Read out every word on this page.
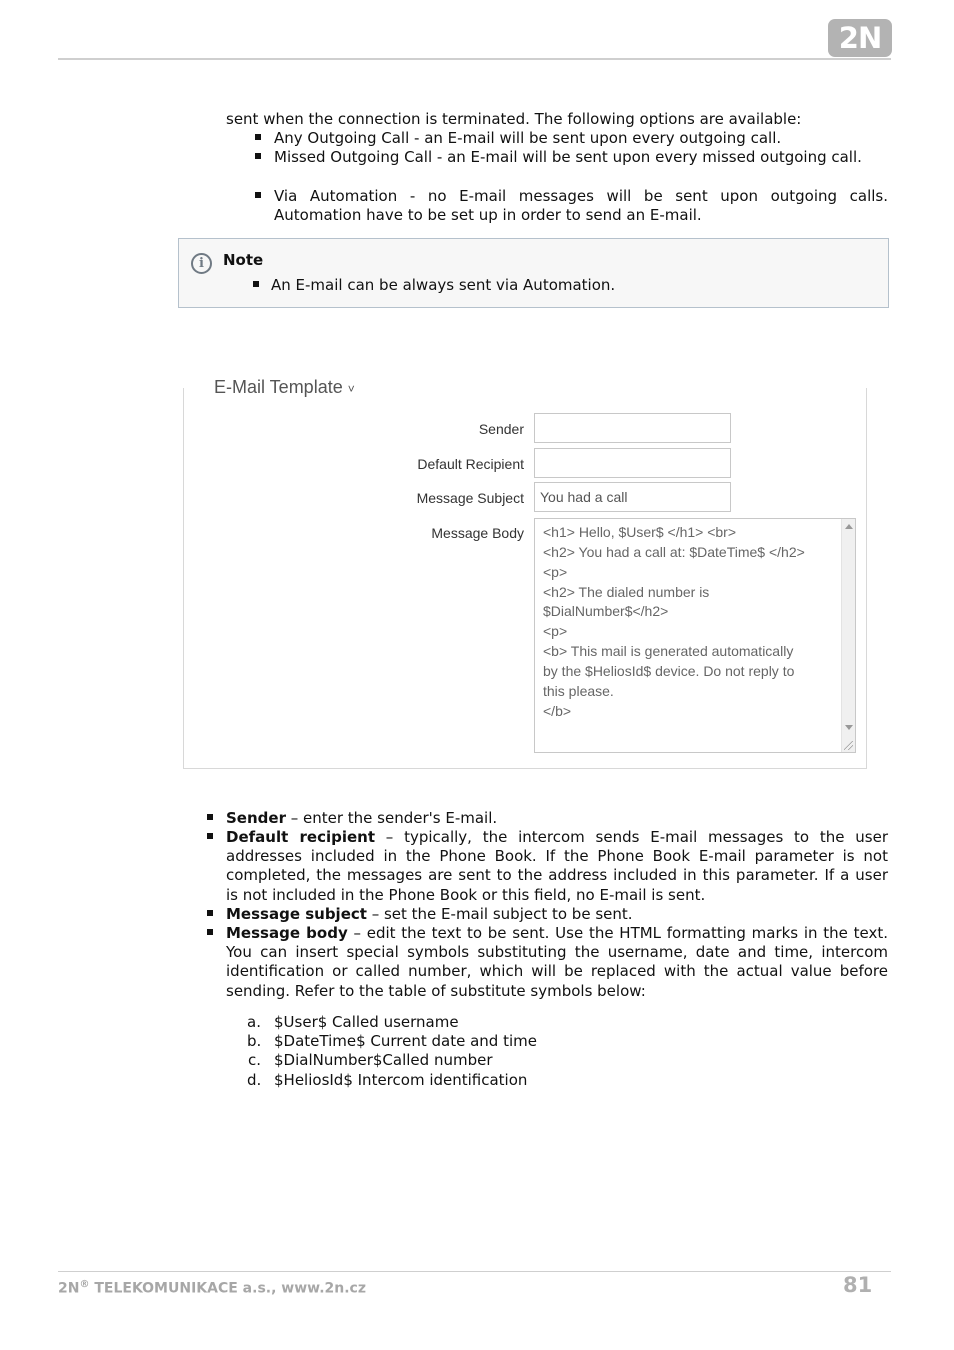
2N
sent when the connection is terminated. The following options are available:
Any Outgoing Call - an E-mail will be sent upon every outgoing call.
Missed Outgoing Call - an E-mail will be sent upon every missed outgoing call.
Via Automation - no E-mail messages will be sent upon outgoing calls. Automation have to be set up in order to send an E-mail.
i	Note
An E-mail can be always sent via Automation.
E-Mail Template ˅
Sender
Default Recipient
Message Subject	You had a call
Message Body <h1> Hello, $User$ </h1> <br>
<h2> You had a call at: $DateTime$ </h2>
<p>
<h2> The dialed number is
$DialNumber$</h2>
<p>
<b> This mail is generated automatically
by the $HeliosId$ device. Do not reply to
this please.
</b>
Sender – enter the sender's E-mail.
Default recipient – typically, the intercom sends E-mail messages to the user addresses included in the Phone Book. If the Phone Book E-mail parameter is not completed, the messages are sent to the address included in this parameter. If a user is not included in the Phone Book or this field, no E-mail is sent.
Message subject – set the E-mail subject to be sent.
Message body – edit the text to be sent. Use the HTML formatting marks in the text. You can insert special symbols substituting the username, date and time, intercom identification or called number, which will be replaced with the actual value before sending. Refer to the table of substitute symbols below:
a. $User$ Called username
b. $DateTime$ Current date and time
c. $DialNumber$Called number
d. $HeliosId$ Intercom identification
2N® TELEKOMUNIKACE a.s., www.2n.cz	81
